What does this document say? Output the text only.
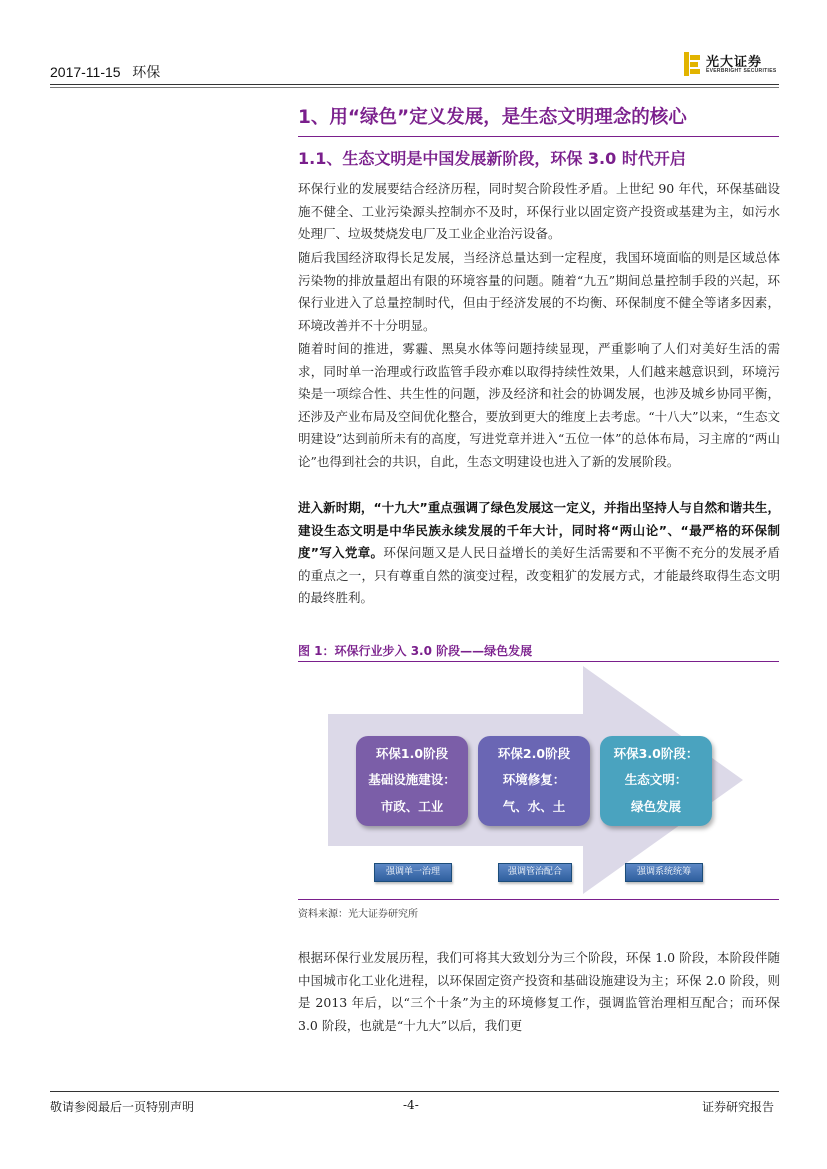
2017-11-15 环保
光大证券
EVERBRIGHT SECURITIES
1、用“绿色”定义发展，是生态文明理念的核心
1.1、生态文明是中国发展新阶段，环保 3.0 时代开启

环保行业的发展要结合经济历程，同时契合阶段性矛盾。上世纪 90 年代，环保基础设施不健全、工业污染源头控制亦不及时，环保行业以固定资产投资或基建为主，如污水处理厂、垃圾焚烧发电厂及工业企业治污设备。

随后我国经济取得长足发展，当经济总量达到一定程度，我国环境面临的则是区域总体污染物的排放量超出有限的环境容量的问题。随着“九五”期间总量控制手段的兴起，环保行业进入了总量控制时代，但由于经济发展的不均衡、环保制度不健全等诸多因素，环境改善并不十分明显。

随着时间的推进，雾霾、黑臭水体等问题持续显现，严重影响了人们对美好生活的需求，同时单一治理或行政监管手段亦难以取得持续性效果，人们越来越意识到，环境污染是一项综合性、共生性的问题，涉及经济和社会的协调发展，也涉及城乡协同平衡，还涉及产业布局及空间优化整合，要放到更大的维度上去考虑。“十八大”以来，“生态文明建设”达到前所未有的高度，写进党章并进入“五位一体”的总体布局，习主席的“两山论”也得到社会的共识，自此，生态文明建设也进入了新的发展阶段。

进入新时期，“十九大”重点强调了绿色发展这一定义，并指出坚持人与自然和谐共生，建设生态文明是中华民族永续发展的千年大计，同时将“两山论”、“最严格的环保制度”写入党章。环保问题又是人民日益增长的美好生活需要和不平衡不充分的发展矛盾的重点之一，只有尊重自然的演变过程，改变粗犷的发展方式，才能最终取得生态文明的最终胜利。

图 1：环保行业步入 3.0 阶段——绿色发展
环保1.0阶段
基础设施建设：
市政、工业
环保2.0阶段
环境修复：
气、水、土
环保3.0阶段：
生态文明：
绿色发展
强调单一治理	强调管治配合	强调系统统筹
资料来源：光大证券研究所

根据环保行业发展历程，我们可将其大致划分为三个阶段，环保 1.0 阶段，本阶段伴随中国城市化工业化进程，以环保固定资产投资和基础设施建设为主；环保 2.0 阶段，则是 2013 年后，以“三个十条”为主的环境修复工作，强调监管治理相互配合；而环保 3.0 阶段，也就是“十九大”以后，我们更

敬请参阅最后一页特别声明	-4-	证券研究报告
